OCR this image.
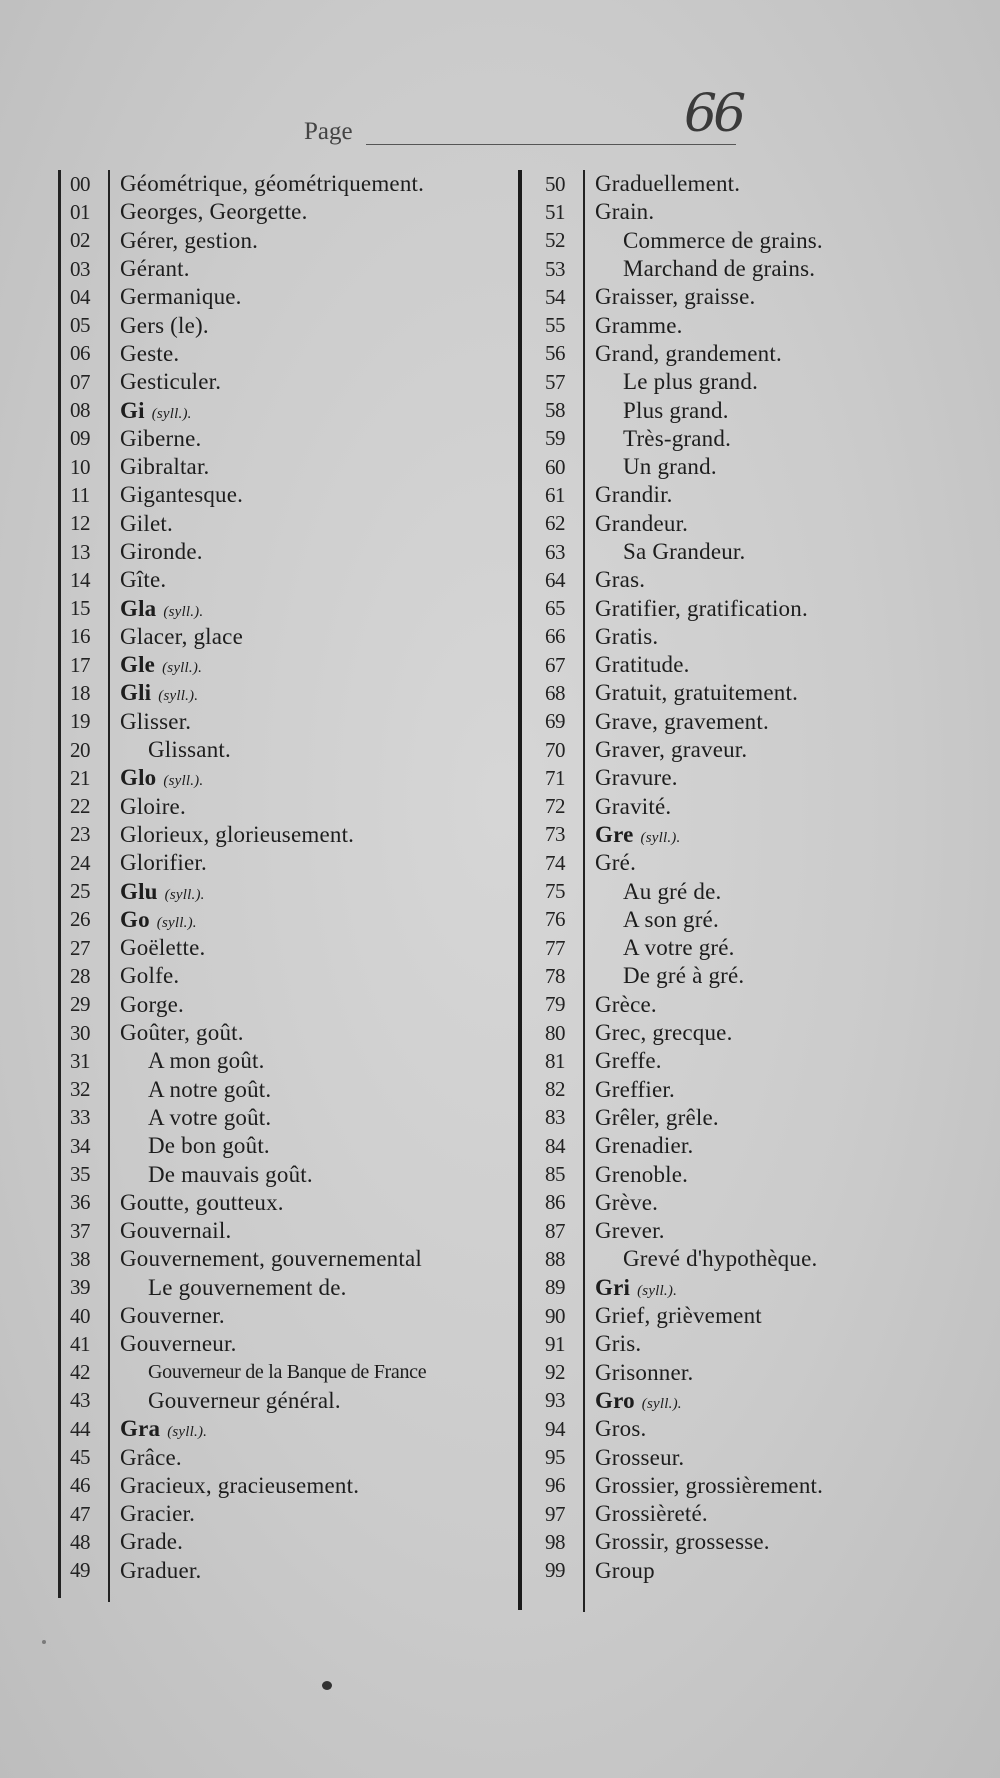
Page	66
00	Géométrique, géométriquement.
01	Georges, Georgette.
02	Gérer, gestion.
03	Gérant.
04	Germanique.
05	Gers (le).
06	Geste.
07	Gesticuler.
08	Gi (syll.).
09	Giberne.
10	Gibraltar.
11	Gigantesque.
12	Gilet.
13	Gironde.
14	Gîte.
15	Gla (syll.).
16	Glacer, glace
17	Gle (syll.).
18	Gli (syll.).
19	Glisser.
20	Glissant.
21	Glo (syll.).
22	Gloire.
23	Glorieux, glorieusement.
24	Glorifier.
25	Glu (syll.).
26	Go (syll.).
27	Goëlette.
28	Golfe.
29	Gorge.
30	Goûter, goût.
31	A mon goût.
32	A notre goût.
33	A votre goût.
34	De bon goût.
35	De mauvais goût.
36	Goutte, goutteux.
37	Gouvernail.
38	Gouvernement, gouvernemental
39	Le gouvernement de.
40	Gouverner.
41	Gouverneur.
42	Gouverneur de la Banque de France
43	Gouverneur général.
44	Gra (syll.).
45	Grâce.
46	Gracieux, gracieusement.
47	Gracier.
48	Grade.
49	Graduer.
50	Graduellement.
51	Grain.
52	Commerce de grains.
53	Marchand de grains.
54	Graisser, graisse.
55	Gramme.
56	Grand, grandement.
57	Le plus grand.
58	Plus grand.
59	Très-grand.
60	Un grand.
61	Grandir.
62	Grandeur.
63	Sa Grandeur.
64	Gras.
65	Gratifier, gratification.
66	Gratis.
67	Gratitude.
68	Gratuit, gratuitement.
69	Grave, gravement.
70	Graver, graveur.
71	Gravure.
72	Gravité.
73	Gre (syll.).
74	Gré.
75	Au gré de.
76	A son gré.
77	A votre gré.
78	De gré à gré.
79	Grèce.
80	Grec, grecque.
81	Greffe.
82	Greffier.
83	Grêler, grêle.
84	Grenadier.
85	Grenoble.
86	Grève.
87	Grever.
88	Grevé d'hypothèque.
89	Gri (syll.).
90	Grief, grièvement
91	Gris.
92	Grisonner.
93	Gro (syll.).
94	Gros.
95	Grosseur.
96	Grossier, grossièrement.
97	Grossièreté.
98	Grossir, grossesse.
99	Group
